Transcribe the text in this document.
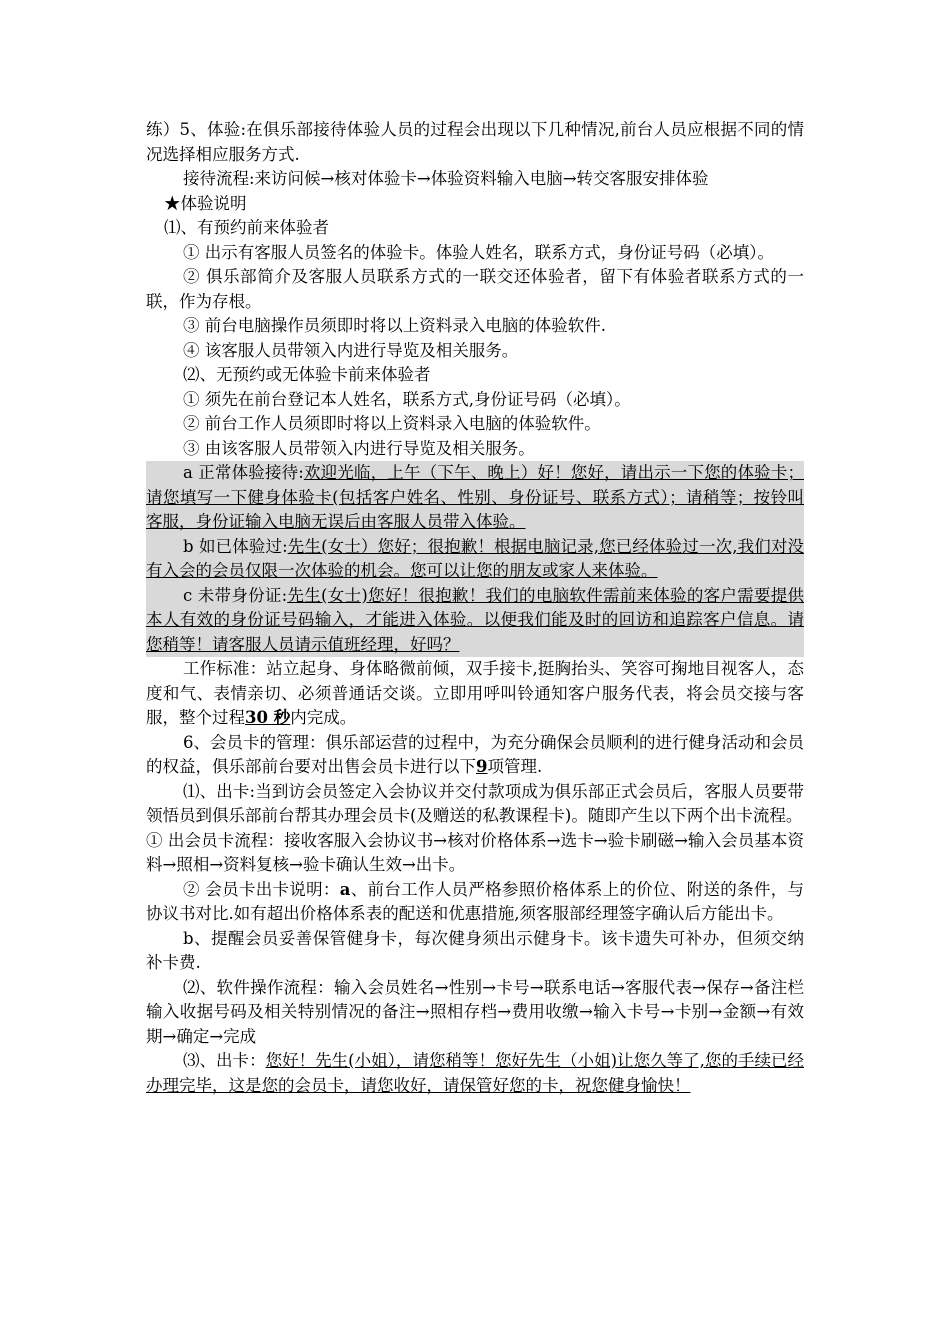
练）5、体验:在俱乐部接待体验人员的过程会出现以下几种情况,前台人员应根据不同的情况选择相应服务方式.

接待流程:来访问候→核对体验卡→体验资料输入电脑→转交客服安排体验

★体验说明

⑴、有预约前来体验者

① 出示有客服人员签名的体验卡。体验人姓名，联系方式，身份证号码（必填）。

② 俱乐部简介及客服人员联系方式的一联交还体验者，留下有体验者联系方式的一联，作为存根。

③ 前台电脑操作员须即时将以上资料录入电脑的体验软件.

④ 该客服人员带领入内进行导览及相关服务。

⑵、无预约或无体验卡前来体验者

① 须先在前台登记本人姓名，联系方式,身份证号码（必填）。

② 前台工作人员须即时将以上资料录入电脑的体验软件。

③ 由该客服人员带领入内进行导览及相关服务。

a 正常体验接待:欢迎光临，上午（下午、晚上）好！您好，请出示一下您的体验卡；请您填写一下健身体验卡(包括客户姓名、性别、身份证号、联系方式）；请稍等；按铃叫客服，身份证输入电脑无误后由客服人员带入体验。

b 如已体验过:先生(女士）您好；很抱歉！根据电脑记录,您已经体验过一次,我们对没有入会的会员仅限一次体验的机会。您可以让您的朋友或家人来体验。

c 未带身份证:先生(女士)您好！很抱歉！我们的电脑软件需前来体验的客户需要提供本人有效的身份证号码输入，才能进入体验。以便我们能及时的回访和追踪客户信息。请您稍等！请客服人员请示值班经理，好吗？

工作标准：站立起身、身体略微前倾，双手接卡,挺胸抬头、笑容可掬地目视客人，态度和气、表情亲切、必须普通话交谈。立即用呼叫铃通知客户服务代表，将会员交接与客服，整个过程30 秒内完成。

6、会员卡的管理：俱乐部运营的过程中，为充分确保会员顺利的进行健身活动和会员的权益，俱乐部前台要对出售会员卡进行以下9项管理.

⑴、出卡:当到访会员签定入会协议并交付款项成为俱乐部正式会员后，客服人员要带领悟员到俱乐部前台帮其办理会员卡(及赠送的私教课程卡)。随即产生以下两个出卡流程。

① 出会员卡流程：接收客服入会协议书→核对价格体系→选卡→验卡刷磁→输入会员基本资料→照相→资料复核→验卡确认生效→出卡。

② 会员卡出卡说明：a、前台工作人员严格参照价格体系上的价位、附送的条件，与协议书对比.如有超出价格体系表的配送和优惠措施,须客服部经理签字确认后方能出卡。

b、提醒会员妥善保管健身卡，每次健身须出示健身卡。该卡遗失可补办，但须交纳补卡费.

⑵、软件操作流程：输入会员姓名→性别→卡号→联系电话→客服代表→保存→备注栏输入收据号码及相关特别情况的备注→照相存档→费用收缴→输入卡号→卡别→金额→有效期→确定→完成

⑶、出卡：您好！先生(小姐），请您稍等！您好先生（小姐)让您久等了,您的手续已经办理完毕，这是您的会员卡，请您收好，请保管好您的卡，祝您健身愉快！
